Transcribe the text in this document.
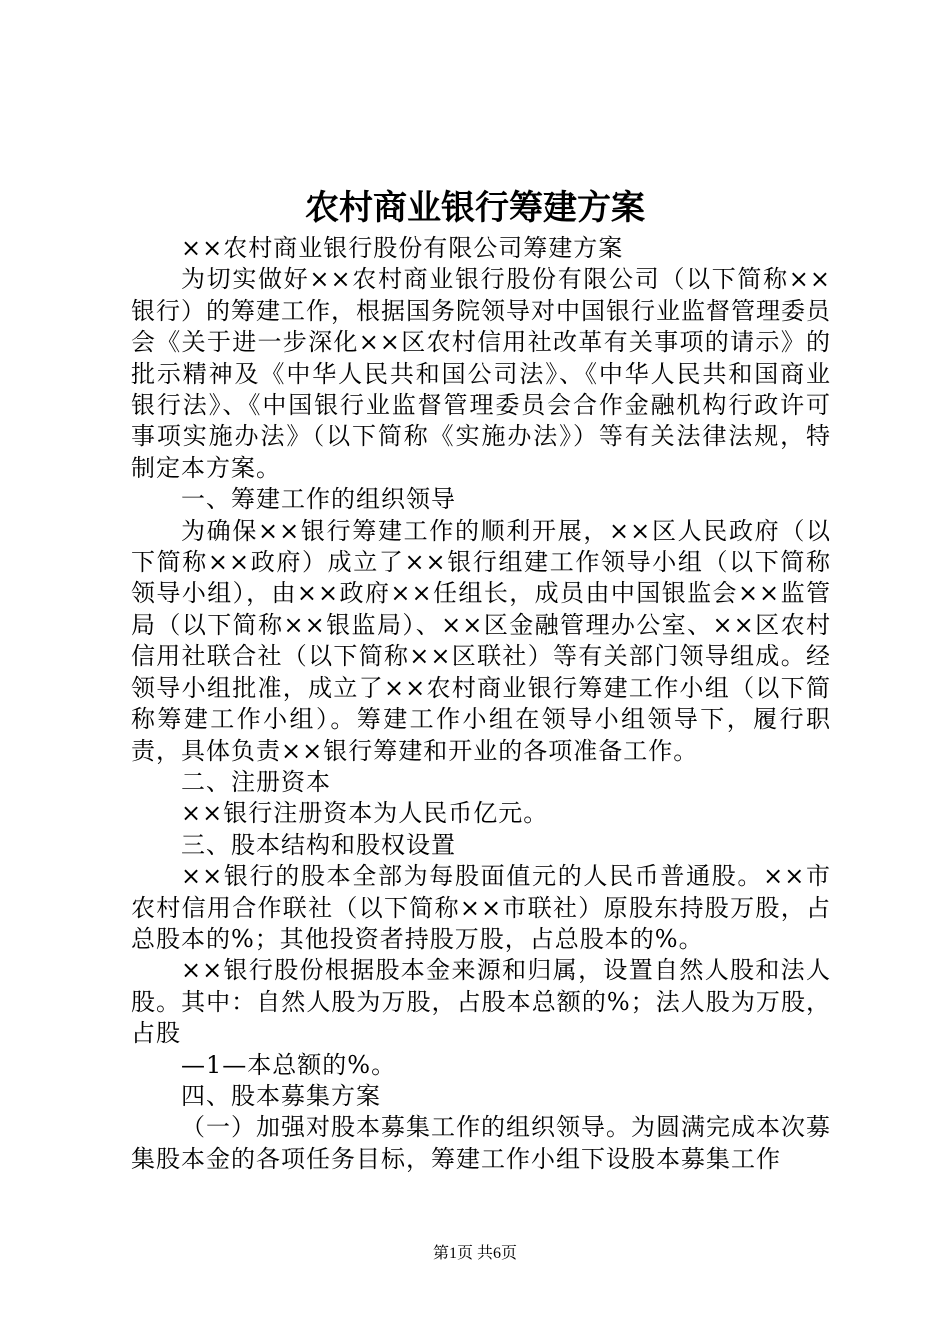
农村商业银行筹建方案

××农村商业银行股份有限公司筹建方案

为切实做好××农村商业银行股份有限公司（以下简称××银行）的筹建工作，根据国务院领导对中国银行业监督管理委员会《关于进一步深化××区农村信用社改革有关事项的请示》的批示精神及《中华人民共和国公司法》、《中华人民共和国商业银行法》、《中国银行业监督管理委员会合作金融机构行政许可事项实施办法》（以下简称《实施办法》）等有关法律法规，特制定本方案。

一、筹建工作的组织领导

为确保××银行筹建工作的顺利开展，××区人民政府（以下简称××政府）成立了××银行组建工作领导小组（以下简称领导小组），由××政府××任组长，成员由中国银监会××监管局（以下简称××银监局）、××区金融管理办公室、××区农村信用社联合社（以下简称××区联社）等有关部门领导组成。经领导小组批准，成立了××农村商业银行筹建工作小组（以下简称筹建工作小组）。筹建工作小组在领导小组领导下，履行职责，具体负责××银行筹建和开业的各项准备工作。

二、注册资本

××银行注册资本为人民币亿元。

三、股本结构和股权设置

××银行的股本全部为每股面值元的人民币普通股。××市农村信用合作联社（以下简称××市联社）原股东持股万股，占总股本的%；其他投资者持股万股，占总股本的%。

××银行股份根据股本金来源和归属，设置自然人股和法人股。其中：自然人股为万股，占股本总额的%；法人股为万股，占股

—1—本总额的%。

四、股本募集方案

（一）加强对股本募集工作的组织领导。为圆满完成本次募集股本金的各项任务目标，筹建工作小组下设股本募集工作

第1页 共6页
